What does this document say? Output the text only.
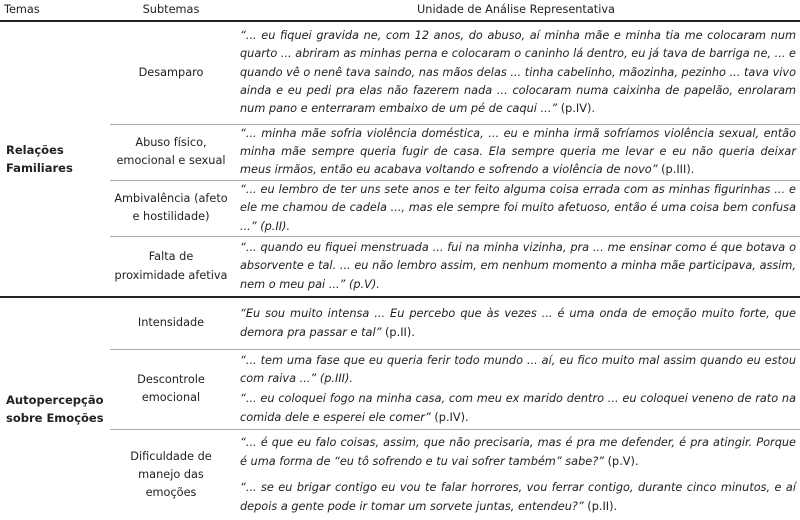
Temas	Subtemas	Unidade de Análise Representativa
Relações Familiares	Desamparo	“... eu fiquei gravida ne, com 12 anos, do abuso, aí minha mãe e minha tia me colocaram num quarto ... abriram as minhas perna e colocaram o caninho lá dentro, eu já tava de barriga ne, ... e quando vê o nenê tava saindo, nas mãos delas ... tinha cabelinho, mãozinha, pezinho ... tava vivo ainda e eu pedi pra elas não fazerem nada ... colocaram numa caixinha de papelão, enrolaram num pano e enterraram embaixo de um pé de caqui ...” (p.IV).

	Abuso físico, emocional e sexual	“... minha mãe sofria violência doméstica, ... eu e minha irmã sofríamos violência sexual, então minha mãe sempre queria fugir de casa. Ela sempre queria me levar e eu não queria deixar meus irmãos, então eu acabava voltando e sofrendo a violência de novo” (p.III).

	Ambivalência (afeto e hostilidade)	“... eu lembro de ter uns sete anos e ter feito alguma coisa errada com as minhas figurinhas ... e ele me chamou de cadela ..., mas ele sempre foi muito afetuoso, então é uma coisa bem confusa ...” (p.II).

	Falta de proximidade afetiva	“... quando eu fiquei menstruada ... fui na minha vizinha, pra ... me ensinar como é que botava o absorvente e tal. ... eu não lembro assim, em nenhum momento a minha mãe participava, assim, nem o meu pai ...” (p.V).

Autopercepção sobre Emoções	Intensidade	“Eu sou muito intensa ... Eu percebo que às vezes ... é uma onda de emoção muito forte, que demora pra passar e tal” (p.II).

	Descontrole emocional	“... tem uma fase que eu queria ferir todo mundo ... aí, eu fico muito mal assim quando eu estou com raiva ...” (p.III).

“... eu coloquei fogo na minha casa, com meu ex marido dentro ... eu coloquei veneno de rato na comida dele e esperei ele comer” (p.IV).

	Dificuldade de manejo das emoções	“... é que eu falo coisas, assim, que não precisaria, mas é pra me defender, é pra atingir. Porque é uma forma de “eu tô sofrendo e tu vai sofrer também” sabe?” (p.V).

“... se eu brigar contigo eu vou te falar horrores, vou ferrar contigo, durante cinco minutos, e aí depois a gente pode ir tomar um sorvete juntas, entendeu?” (p.II).
